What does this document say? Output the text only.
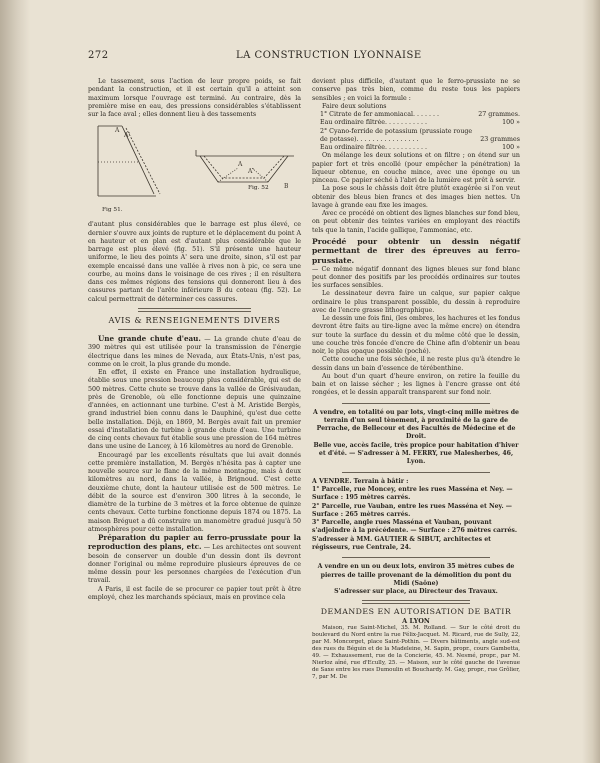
272	LA CONSTRUCTION LYONNAISE

Le tassement, sous l'action de leur propre poids, se fait pendant la construction, et il est certain qu'il a atteint son maximum lorsque l'ouvrage est terminé. Au contraire, dès la première mise en eau, des pressions considérables s'établissent sur la face aval ; elles donnent lieu à des tassements

A
A'
A
A'
B
Fig. 52
Fig 51.

d'autant plus considérables que le barrage est plus élevé, ce dernier s'ouvre aux joints de rupture et le déplacement du point A en hauteur et en plan est d'autant plus considérable que le barrage est plus élevé (fig. 51). S'il présente une hauteur uniforme, le lieu des points A' sera une droite, sinon, s'il est par exemple encaissé dans une vallée à rives non à pic, ce sera une courbe, au moins dans le voisinage de ces rives ; il en résultera dans ces mêmes régions des tensions qui donneront lieu à des cassures partant de l'arête inférieure B du coteau (fig. 52). Le calcul permettrait de déterminer ces cassures.

AVIS & RENSEIGNEMENTS DIVERS

Une grande chute d'eau. — La grande chute d'eau de 390 mètres qui est utilisée pour la transmission de l'énergie électrique dans les mines de Nevada, aux États-Unis, n'est pas, comme on le croit, la plus grande du monde.

En effet, il existe en France une installation hydraulique, établie sous une pression beaucoup plus considérable, qui est de 500 mètres. Cette chute se trouve dans la vallée de Grésivaudan, près de Grenoble, où elle fonctionne depuis une quinzaine d'années, en actionnant une turbine. C'est à M. Aristide Bergès, grand industriel bien connu dans le Dauphiné, qu'est due cette belle installation. Déjà, en 1869, M. Bergès avait fait un premier essai d'installation de turbine à grande chute d'eau. Une turbine de cinq cents chevaux fut établie sous une pression de 164 mètres dans une usine de Lancey, à 16 kilomètres au nord de Grenoble.

Encouragé par les excellents résultats que lui avait donnés cette première installation, M. Bergès n'hésita pas à capter une nouvelle source sur le flanc de la même montagne, mais à deux kilomètres au nord, dans la vallée, à Brignoud. C'est cette deuxième chute, dont la hauteur utilisée est de 500 mètres. Le débit de la source est d'environ 300 litres à la seconde, le diamètre de la turbine de 3 mètres et la force obtenue de quinze cents chevaux. Cette turbine fonctionne depuis 1874 ou 1875. La maison Bréguet a dû construire un manomètre gradué jusqu'à 50 atmosphères pour cette installation.

Préparation du papier au ferro-prussiate pour la reproduction des plans, etc. — Les architectes ont souvent besoin de conserver un double d'un dessin dont ils devront donner l'original ou même reproduire plusieurs épreuves de ce même dessin pour les personnes chargées de l'exécution d'un travail.

A Paris, il est facile de se procurer ce papier tout prêt à être employé, chez les marchands spéciaux, mais en province cela

devient plus difficile, d'autant que le ferro-prussiate ne se conserve pas très bien, comme du reste tous les papiers sensibles ; en voici la formule :

Faire deux solutions

1° Citrate de fer ammoniacal. . . . . . .	27 grammes.
Eau ordinaire filtrée. . . . . . . . . . .	100 »
2° Cyano-ferride de potassium (prussiate rouge
de potasse). . . . . . . . . . . . . . . .	23 grammes
Eau ordinaire filtrée. . . . . . . . . . .	100 »

On mélange les deux solutions et on filtre ; on étend sur un papier fort et très encollé (pour empêcher la pénétration) la liqueur obtenue, en couche mince, avec une éponge ou un pinceau. Ce papier séché à l'abri de la lumière est prêt à servir.

La pose sous le châssis doit être plutôt exagérée si l'on veut obtenir des bleus bien francs et des images bien nettes. Un lavage à grande eau fixe les images.

Avec ce procédé on obtient des lignes blanches sur fond bleu, on peut obtenir des teintes variées en employant des réactifs tels que la tanin, l'acide gallique, l'ammoniac, etc.

Procédé pour obtenir un dessin négatif permettant de tirer des épreuves au ferro-prussiate.

— Ce même négatif donnant des lignes bleues sur fond blanc peut donner des positifs par les procédés ordinaires sur toutes les surfaces sensibles.

Le dessinateur devra faire un calque, sur papier calque ordinaire le plus transparent possible, du dessin à reproduire avec de l'encre grasse lithographique.

Le dessin une fois fini, (les ombres, les hachures et les fondus devront être faits au tire-ligne avec la même encre) on étendra sur toute la surface du dessin et du même côté que le dessin, une couche très foncée d'encre de Chine afin d'obtenir un beau noir, le plus opaque possible (poché).

Cette couche une fois séchée, il ne reste plus qu'à étendre le dessin dans un bain d'essence de térébenthine.

Au bout d'un quart d'heure environ, on retire la feuille du bain et on laisse sécher ; les lignes à l'encre grasse ont été rongées, et le dessin apparaît transparent sur fond noir.

A vendre, en totalité ou par lots, vingt-cinq mille mètres de terrain d'un seul tènement, à proximité de la gare de Perrache, de Bellecour et des Facultés de Médecine et de Droit.
Belle vue, accès facile, très propice pour habitation d'hiver et d'été. — S'adresser à M. FERRY, rue Malesherbes, 46, Lyon.
A VENDRE. Terrain à bâtir :
1° Parcelle, rue Moncey, entre les rues Masséna et Ney. — Surface : 195 mètres carrés.
2° Parcelle, rue Vauban, entre les rues Masséna et Ney. — Surface : 265 mètres carrés.
3° Parcelle, angle rues Masséna et Vauban, pouvant s'adjoindre à la précédente. — Surface : 276 mètres carrés.
S'adresser à MM. GAUTIER & SIBUT, architectes et régisseurs, rue Centrale, 24.
A vendre en un ou deux lots, environ 35 mètres cubes de pierres de taille provenant de la démolition du pont du Midi (Saône)
S'adresser sur place, au Directeur des Travaux.
DEMANDES EN AUTORISATION DE BATIR
A LYON

Maison, rue Saint-Michel, 35. M. Rolland. — Sur le côté droit du boulevard du Nord entre la rue Félix-Jacquet. M. Ricard, rue de Sully, 22, par M. Moncorget, place Saint-Pothin. — Divers bâtiments, angle sud-est des rues du Béguin et de la Madeleine, M. Sapin, propr., cours Gambetta, 49. — Exhaussement, rue de la Concierie, 45. M. Nesmé, propr., par M. Nierloz aîné, rue d'Ecully, 25. — Maison, sur le côté gauche de l'avenue de Saxe entre les rues Dumoulin et Bouchardy. M. Gay, propr., rue Grôlier, 7, par M. De
